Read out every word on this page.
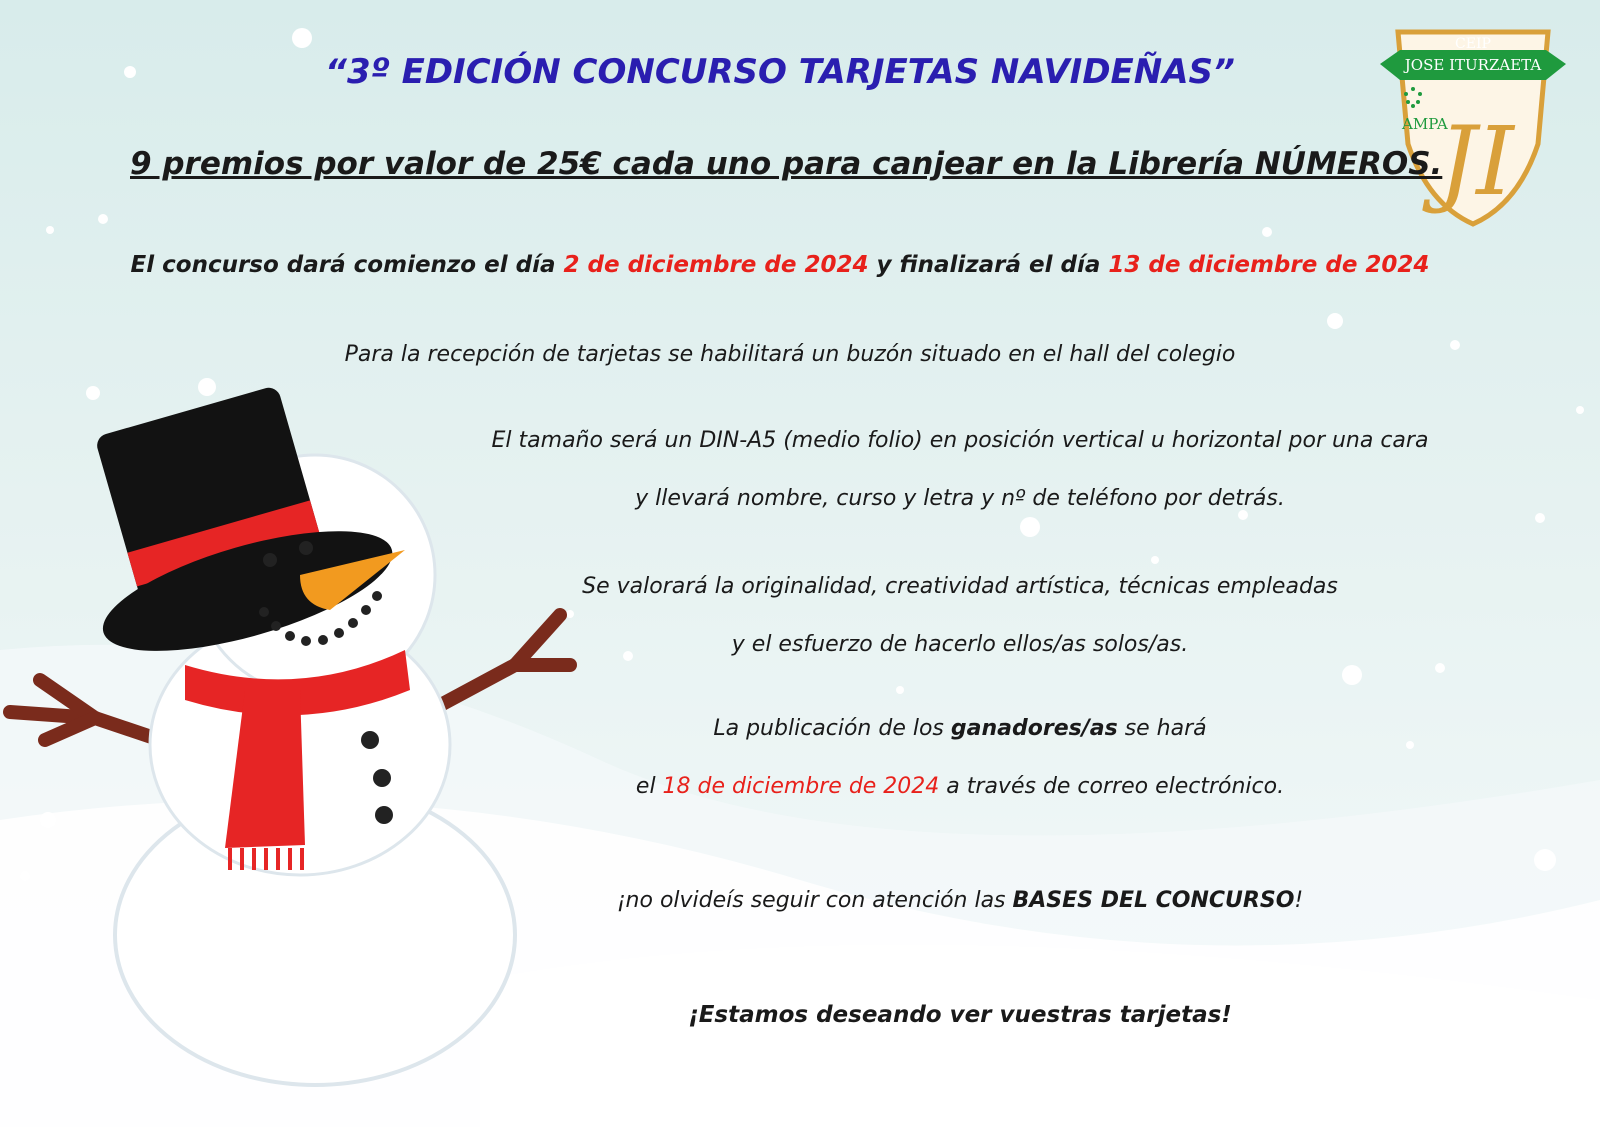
CEIP
JOSE ITURZAETA
AMPA
JI
“3º EDICIÓN CONCURSO TARJETAS NAVIDEÑAS”
9 premios por valor de 25€ cada uno para canjear en la Librería NÚMEROS.
El concurso dará comienzo el día 2 de diciembre de 2024 y finalizará el día 13 de diciembre de 2024
Para la recepción de tarjetas se habilitará un buzón situado en el hall del colegio
El tamaño será un DIN-A5 (medio folio) en posición vertical u horizontal por una cara
y llevará nombre, curso y letra y nº de teléfono por detrás.
Se valorará la originalidad, creatividad artística, técnicas empleadas
y el esfuerzo de hacerlo ellos/as solos/as.
La publicación de los ganadores/as se hará
el 18 de diciembre de 2024 a través de correo electrónico.
¡no olvideís seguir con atención las BASES DEL CONCURSO!
¡Estamos deseando ver vuestras tarjetas!
